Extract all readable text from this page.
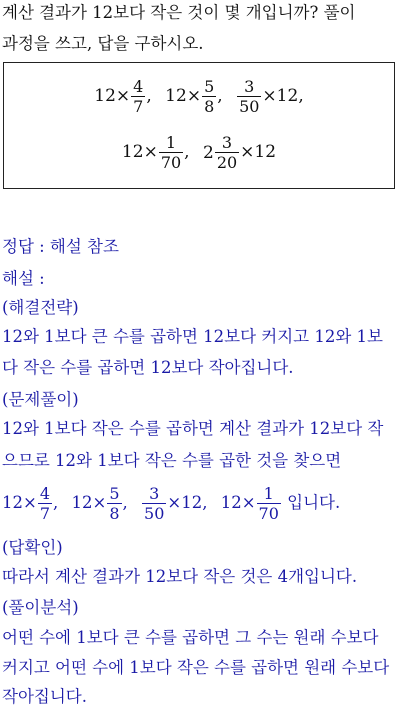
계산 결과가 12보다 작은 것이 몇 개입니까? 풀이
과정을 쓰고, 답을 구하시오.
$12\times \frac{4}{7}$ , $12\times \frac{5}{8}$ , $\frac{3}{50} \times 12$,
$12\times \frac{1}{70}$ , $2 \frac{3}{20} \times 12$
정답 : 해설 참조
해설 :
(해결전략)
12와 1보다 큰 수를 곱하면 12보다 커지고 12와 1보
다 작은 수를 곱하면 12보다 작아집니다.
(문제풀이)
12와 1보다 작은 수를 곱하면 계산 결과가 12보다 작
으므로 12와 1보다 작은 수를 곱한 것을 찾으면
$12\times \frac{4}{7}$ , $12\times \frac{5}{8}$ , $\frac{3}{50} \times 12$, $12\times \frac{1}{70}$ 입니다.
(답확인)
따라서 계산 결과가 12보다 작은 것은 4개입니다.
(풀이분석)
어떤 수에 1보다 큰 수를 곱하면 그 수는 원래 수보다
커지고 어떤 수에 1보다 작은 수를 곱하면 원래 수보다
작아집니다.
